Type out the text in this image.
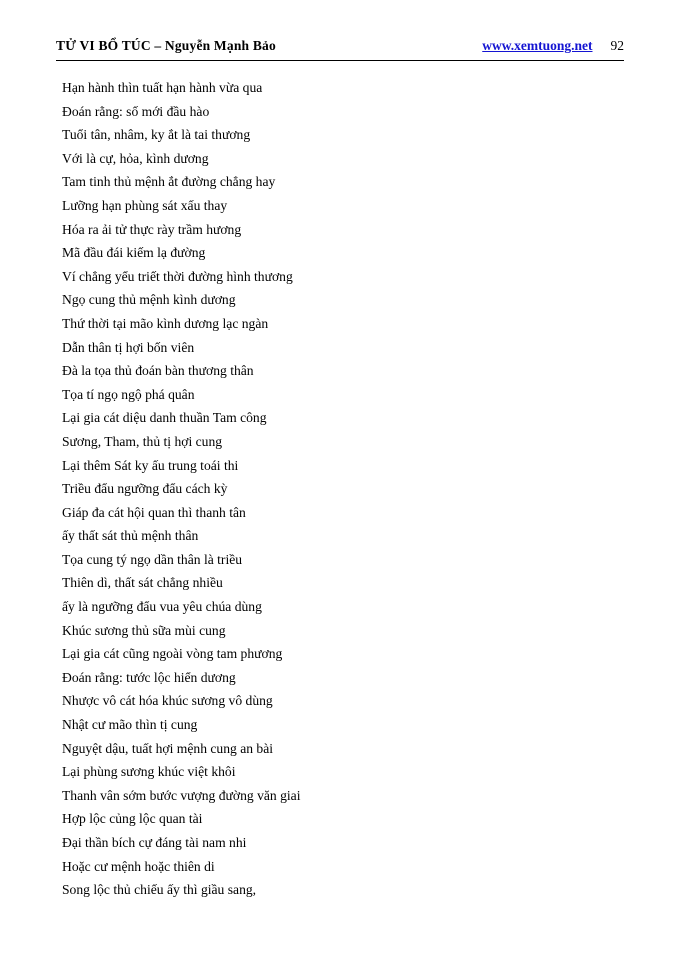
TỬ VI BỔ TÚC – Nguyễn Mạnh Bảo	www.xemtuong.net 92
Hạn hành thìn tuất hạn hành vừa qua
Đoán rằng: số mới đầu hào
Tuổi tân, nhâm, ky ắt là tai thương
Với là cự, hỏa, kình dương
Tam tinh thủ mệnh ắt đường chẳng hay
Lưỡng hạn phùng sát xấu thay
Hóa ra ải tử thực rày trầm hương
Mã đầu đái kiếm lạ đường
Ví chẳng yểu triết thời đường hình thương
Ngọ cung thủ mệnh kình dương
Thứ thời tại mão kình dương lạc ngàn
Dẫn thân tị hợi bốn viên
Đà la tọa thủ đoán bàn thương thân
Tọa tí ngọ ngộ phá quân
Lại gia cát diệu danh thuần Tam công
Sương, Tham, thủ tị hợi cung
Lại thêm Sát ky ấu trung toái thi
Triều đẩu ngưỡng đẩu cách kỳ
Giáp đa cát hội quan thì thanh tân
ấy thất sát thủ mệnh thân
Tọa cung tý ngọ dần thân là triều
Thiên dì, thất sát chẳng nhiều
ấy là ngưỡng đẩu vua yêu chúa dùng
Khúc sương thủ sữa mùi cung
Lại gia cát cũng ngoài vòng tam phương
Đoán rằng: tước lộc hiển dương
Nhược vô cát hóa khúc sương vô dùng
Nhật cư mão thìn tị cung
Nguyệt dậu, tuất hợi mệnh cung an bài
Lại phùng sương khúc việt khôi
Thanh vân sớm bước vượng đường văn giai
Hợp lộc củng lộc quan tài
Đại thần bích cự đáng tài nam nhi
Hoặc cư mệnh hoặc thiên di
Song lộc thủ chiếu ấy thì giầu sang,
